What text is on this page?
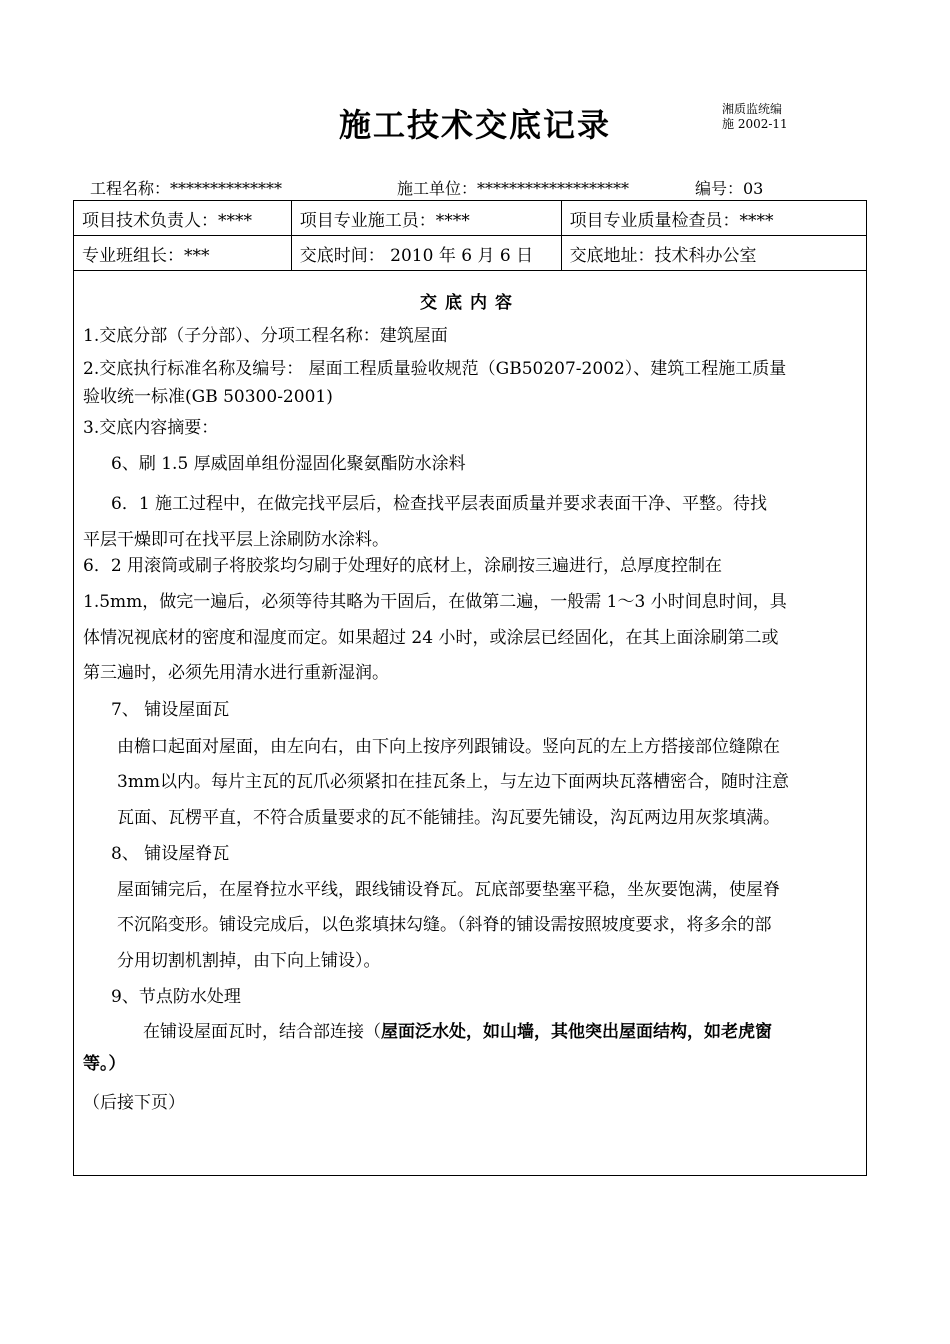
施工技术交底记录	湘质监统编
施 2002-11
工程名称：**************	施工单位：*******************	编号：03
项目技术负责人：****	项目专业施工员：****	项目专业质量检查员：****
专业班组长：***	交底时间： 2010 年 6 月 6 日	交底地址：技术科办公室
交底内容
1.交底分部（子分部）、分项工程名称：建筑屋面
2.交底执行标准名称及编号： 屋面工程质量验收规范（GB50207-2002）、建筑工程施工质量
验收统一标准(GB 50300-2001)
3.交底内容摘要：
6、刷 1.5 厚威固单组份湿固化聚氨酯防水涂料
6．1 施工过程中，在做完找平层后，检查找平层表面质量并要求表面干净、平整。待找
平层干燥即可在找平层上涂刷防水涂料。
6．2 用滚筒或刷子将胶浆均匀刷于处理好的底材上，涂刷按三遍进行，总厚度控制在
1.5mm，做完一遍后，必须等待其略为干固后，在做第二遍，一般需 1～3 小时间息时间，具
体情况视底材的密度和湿度而定。如果超过 24 小时，或涂层已经固化，在其上面涂刷第二或
第三遍时，必须先用清水进行重新湿润。
7、 铺设屋面瓦
由檐口起面对屋面，由左向右，由下向上按序列跟铺设。竖向瓦的左上方搭接部位缝隙在
3mm以内。每片主瓦的瓦爪必须紧扣在挂瓦条上，与左边下面两块瓦落槽密合，随时注意
瓦面、瓦楞平直，不符合质量要求的瓦不能铺挂。沟瓦要先铺设，沟瓦两边用灰浆填满。
8、 铺设屋脊瓦
屋面铺完后，在屋脊拉水平线，跟线铺设脊瓦。瓦底部要垫塞平稳，坐灰要饱满，使屋脊
不沉陷变形。铺设完成后，以色浆填抹勾缝。（斜脊的铺设需按照坡度要求，将多余的部
分用切割机割掉，由下向上铺设）。
9、节点防水处理
在铺设屋面瓦时，结合部连接（屋面泛水处，如山墙，其他突出屋面结构，如老虎窗
等。）
（后接下页）
